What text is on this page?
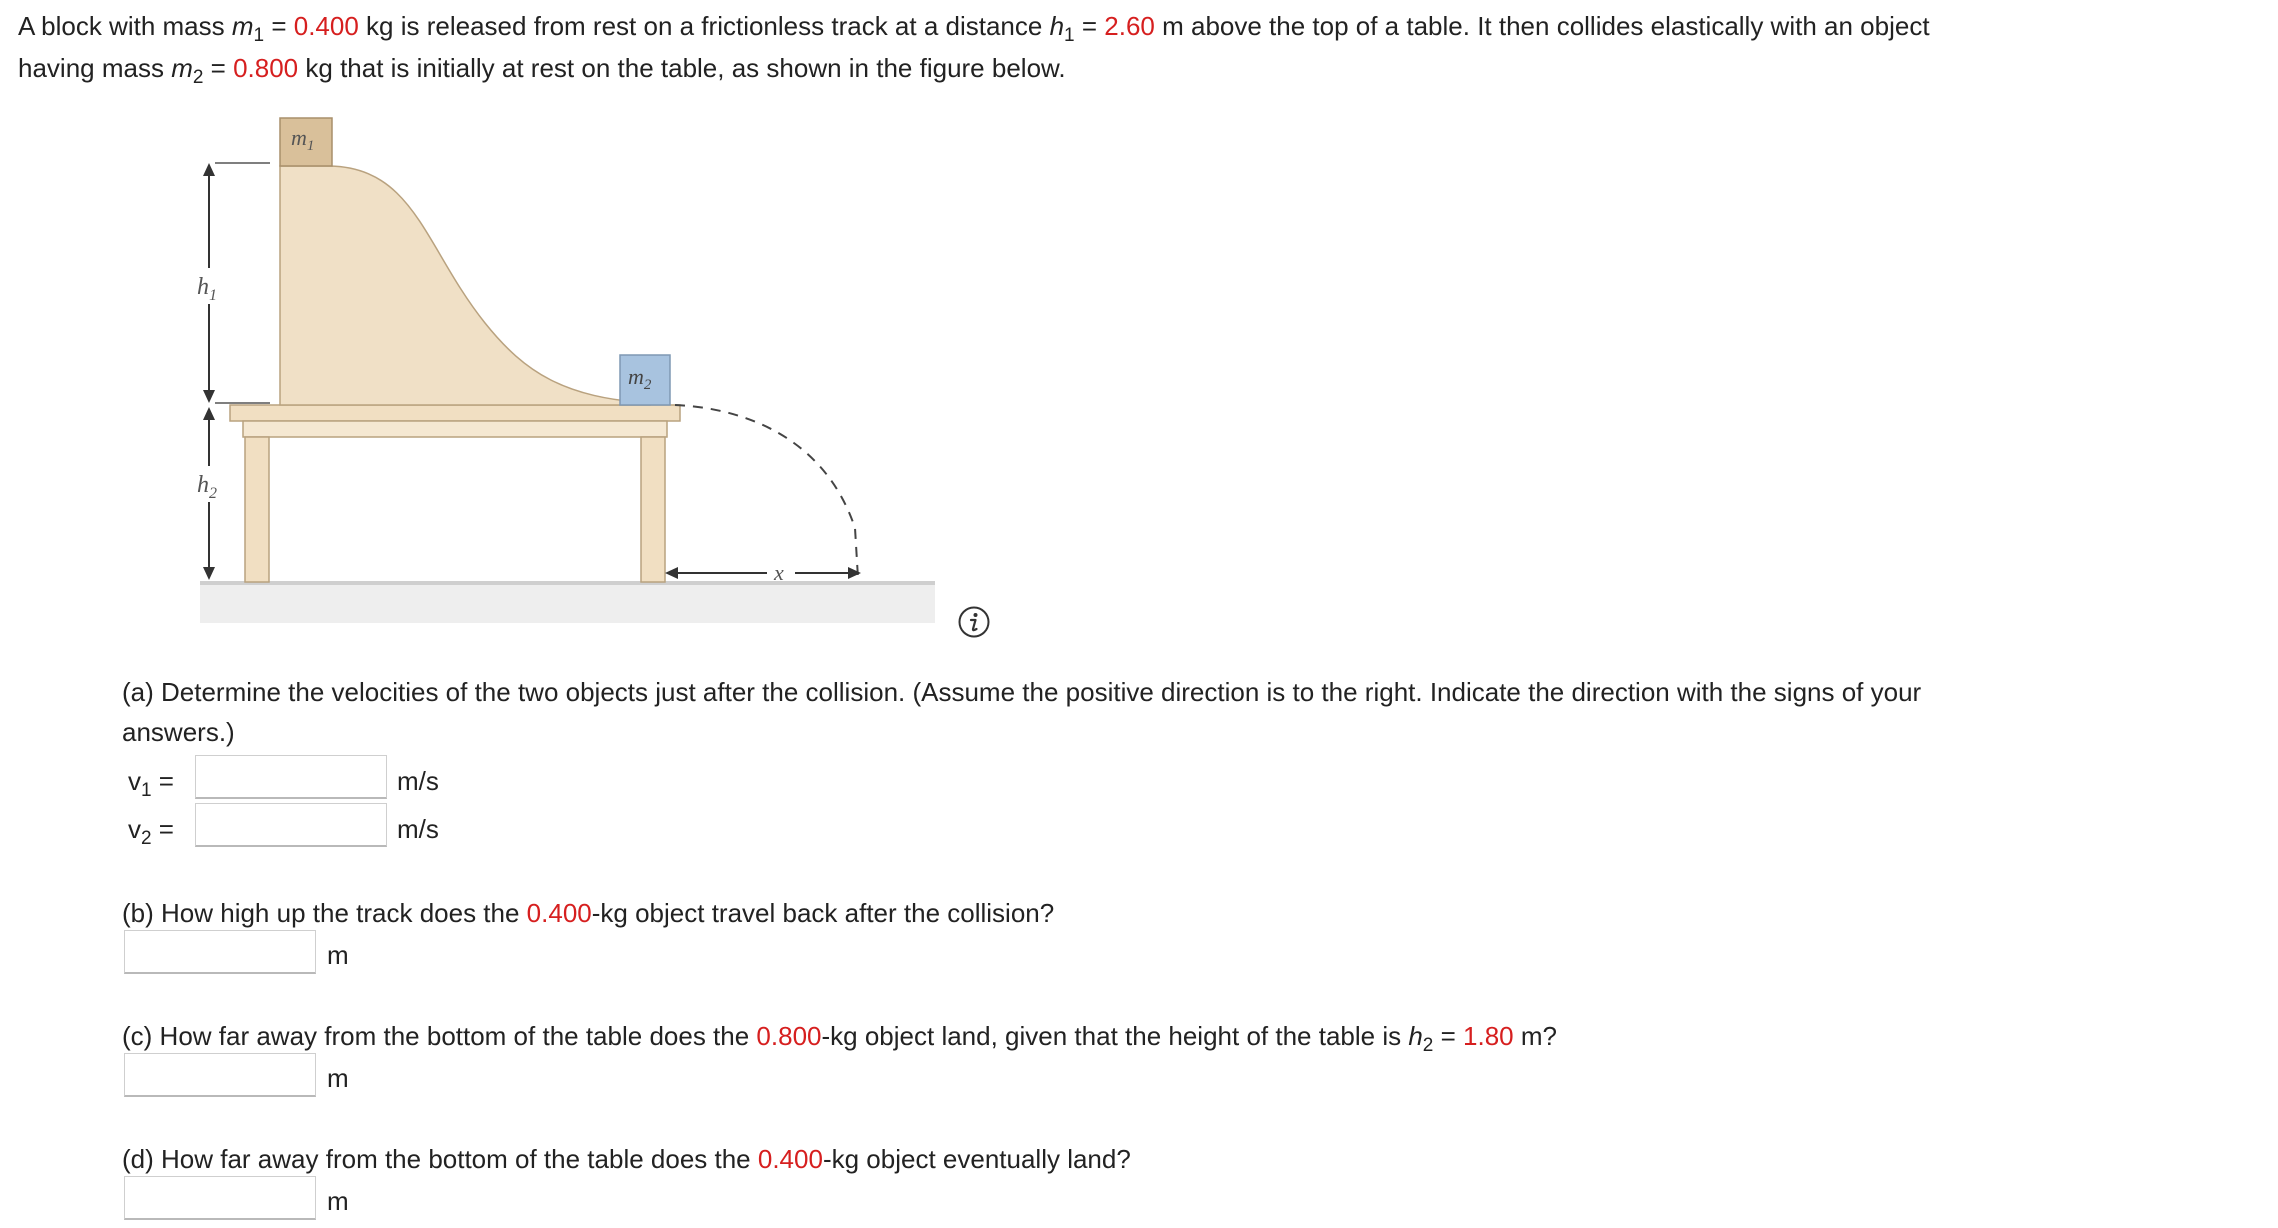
A block with mass $m_1 = 0.400$ kg is released from rest on a frictionless track at a distance $h_1 = 2.60$ m above the top of a table. It then collides elastically with an object
having mass $m_2 = 0.800$ kg that is initially at rest on the table, as shown in the figure below.
$m_1$
$m_2$
$h_1$
$h_2$
x
(a) Determine the velocities of the two objects just after the collision. (Assume the positive direction is to the right. Indicate the direction with the signs of your
answers.)
$v_1$ =	m/s
$v_2$ =	m/s
(b) How high up the track does the 0.400-kg object travel back after the collision?
m
(c) How far away from the bottom of the table does the 0.800-kg object land, given that the height of the table is $h_2 = 1.80$ m?
m
(d) How far away from the bottom of the table does the 0.400-kg object eventually land?
m
